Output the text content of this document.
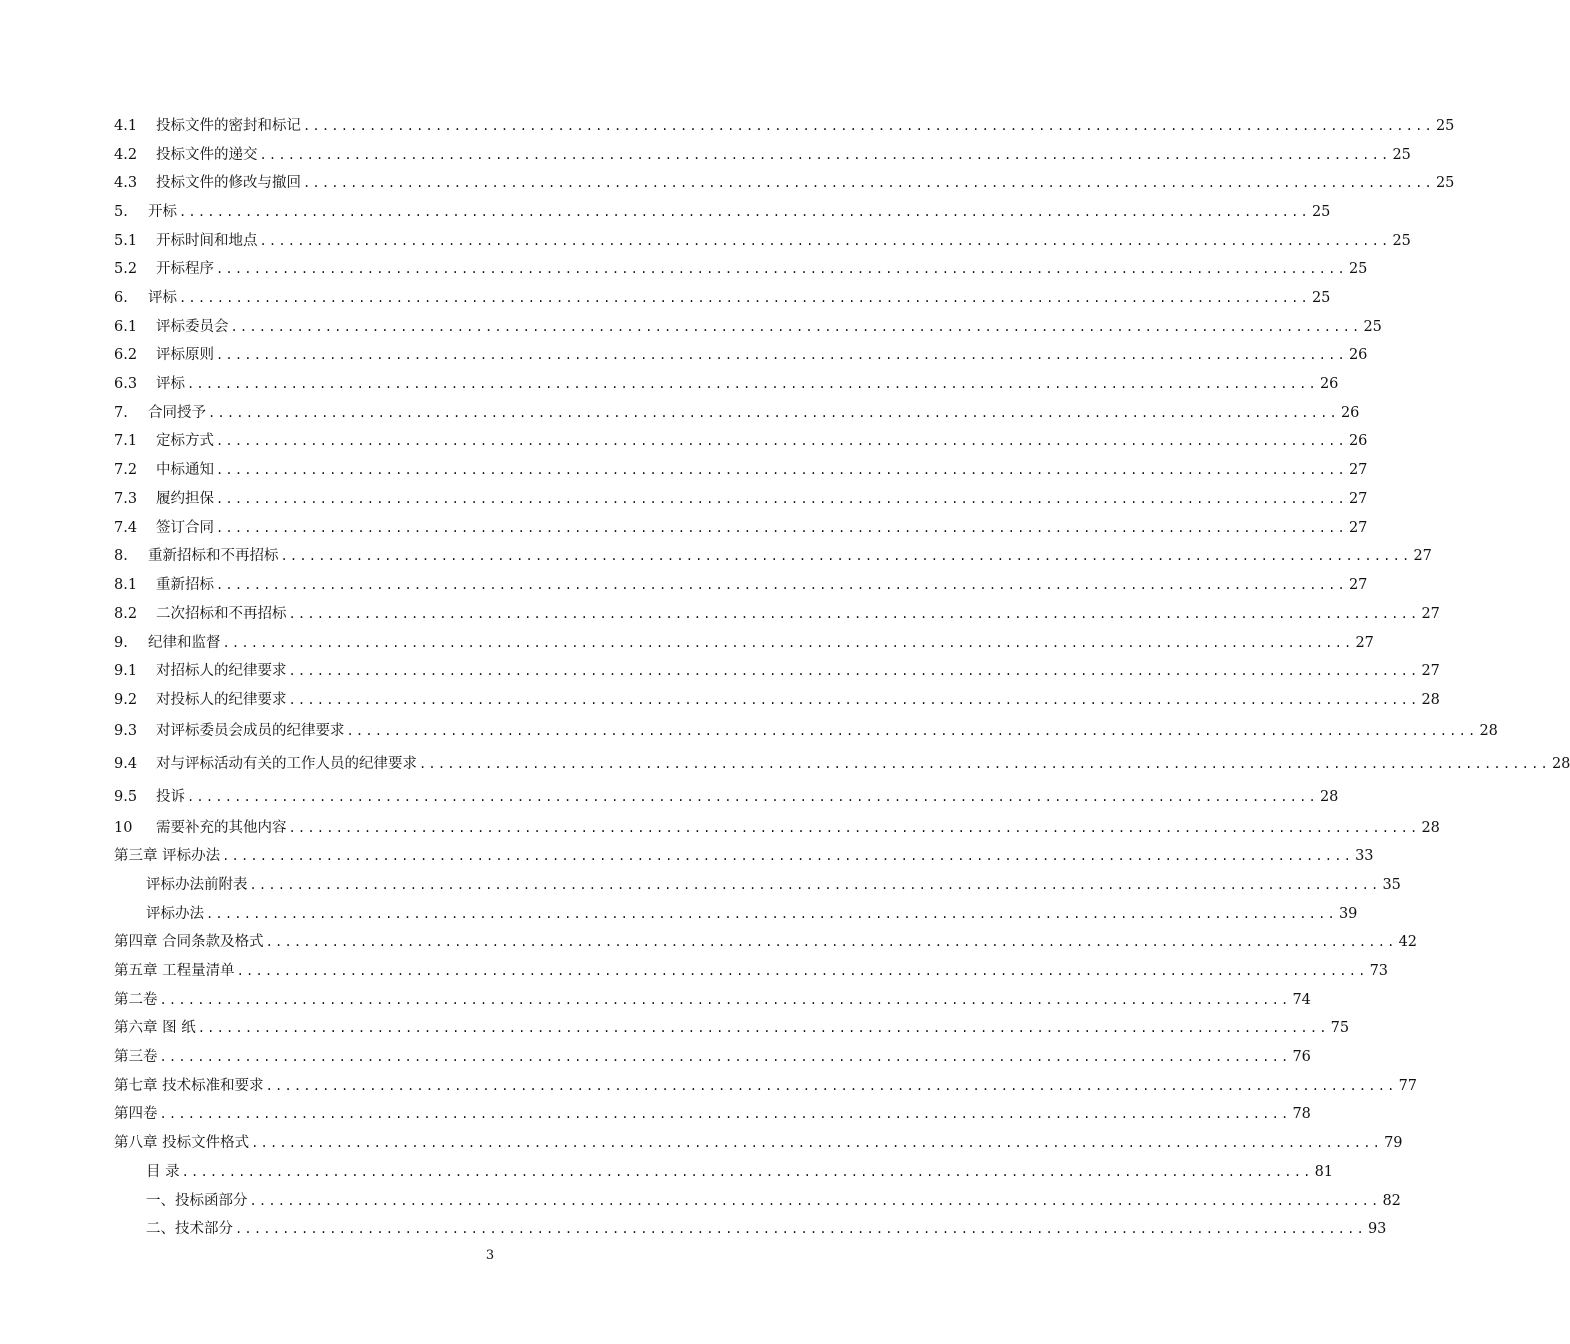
4.1	投标文件的密封和标记 ........................................................................................................................ 25
4.2	投标文件的递交 ........................................................................................................................ 25
4.3	投标文件的修改与撤回 ........................................................................................................................ 25
5.	开标 ........................................................................................................................ 25
5.1	开标时间和地点 ........................................................................................................................ 25
5.2	开标程序 ........................................................................................................................ 25
6.	评标 ........................................................................................................................ 25
6.1	评标委员会 ........................................................................................................................ 25
6.2	评标原则 ........................................................................................................................ 26
6.3	评标 ........................................................................................................................ 26
7.	合同授予 ........................................................................................................................ 26
7.1	定标方式 ........................................................................................................................ 26
7.2	中标通知 ........................................................................................................................ 27
7.3	履约担保 ........................................................................................................................ 27
7.4	签订合同 ........................................................................................................................ 27
8.	重新招标和不再招标 ........................................................................................................................ 27
8.1	重新招标 ........................................................................................................................ 27
8.2	二次招标和不再招标 ........................................................................................................................ 27
9.	纪律和监督 ........................................................................................................................ 27
9.1	对招标人的纪律要求 ........................................................................................................................ 27
9.2	对投标人的纪律要求 ........................................................................................................................ 28
9.3	对评标委员会成员的纪律要求 ........................................................................................................................ 28
9.4	对与评标活动有关的工作人员的纪律要求 ........................................................................................................................ 28
9.5	投诉 ........................................................................................................................ 28
10	需要补充的其他内容 ........................................................................................................................ 28
第三章 评标办法 ........................................................................................................................ 33
评标办法前附表 ........................................................................................................................ 35
评标办法 ........................................................................................................................ 39
第四章 合同条款及格式 ........................................................................................................................ 42
第五章 工程量清单 ........................................................................................................................ 73
第二卷 ........................................................................................................................ 74
第六章 图 纸 ........................................................................................................................ 75
第三卷 ........................................................................................................................ 76
第七章 技术标准和要求 ........................................................................................................................ 77
第四卷 ........................................................................................................................ 78
第八章 投标文件格式 ........................................................................................................................ 79
目 录 ........................................................................................................................ 81
一、投标函部分 ........................................................................................................................ 82
二、技术部分 ........................................................................................................................ 93
3
